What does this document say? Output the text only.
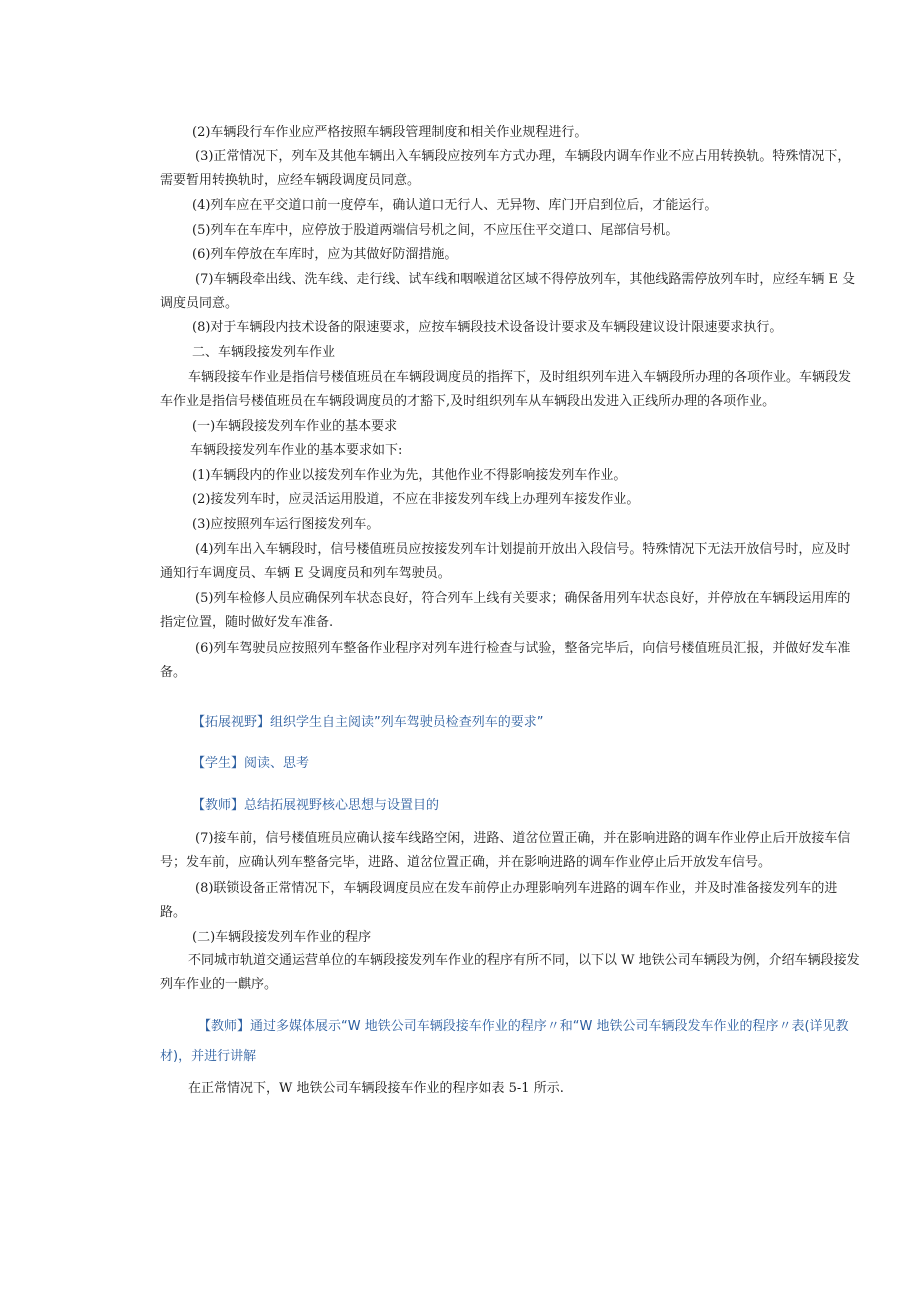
(2)车辆段行车作业应严格按照车辆段管理制度和相关作业规程进行。

(3)正常情况下，列车及其他车辆出入车辆段应按列车方式办理，车辆段内调车作业不应占用转换轨。特殊情况下，需要暂用转换轨时，应经车辆段调度员同意。

(4)列车应在平交道口前一度停车，确认道口无行人、无异物、库门开启到位后，才能运行。

(5)列车在车库中，应停放于股道两端信号机之间，不应压住平交道口、尾部信号机。

(6)列车停放在车库时，应为其做好防溜措施。

(7)车辆段牵出线、洗车线、走行线、试车线和咽喉道岔区域不得停放列车，其他线路需停放列车时，应经车辆 E 殳调度员同意。

(8)对于车辆段内技术设备的限速要求，应按车辆段技术设备设计要求及车辆段建议设计限速要求执行。

二、车辆段接发列车作业

车辆段接车作业是指信号楼值班员在车辆段调度员的指挥下，及时组织列车进入车辆段所办理的各项作业。车辆段发车作业是指信号楼值班员在车辆段调度员的才豁下,及时组织列车从车辆段出发进入正线所办理的各项作业。

(一)车辆段接发列车作业的基本要求

车辆段接发列车作业的基本要求如下:

(1)车辆段内的作业以接发列车作业为先，其他作业不得影响接发列车作业。

(2)接发列车时，应灵活运用股道，不应在非接发列车线上办理列车接发作业。

(3)应按照列车运行图接发列车。

(4)列车出入车辆段时，信号楼值班员应按接发列车计划提前开放出入段信号。特殊情况下无法开放信号时，应及时通知行车调度员、车辆 E 殳调度员和列车驾驶员。

(5)列车检修人员应确保列车状态良好，符合列车上线有关要求；确保备用列车状态良好，并停放在车辆段运用库的指定位置，随时做好发车准备.

(6)列车驾驶员应按照列车整备作业程序对列车进行检查与试验，整备完毕后，向信号楼值班员汇报，并做好发车准备。

【拓展视野】组织学生自主阅读”列车驾驶员检查列车的要求”

【学生】阅读、思考

【教师】总结拓展视野核心思想与设置目的

(7)接车前，信号楼值班员应确认接车线路空闲，进路、道岔位置正确，并在影响进路的调车作业停止后开放接车信号；发车前，应确认列车整备完毕，进路、道岔位置正确，并在影响进路的调车作业停止后开放发车信号。

(8)联锁设备正常情况下，车辆段调度员应在发车前停止办理影响列车进路的调车作业，并及时准备接发列车的进路。

(二)车辆段接发列车作业的程序

不同城市轨道交通运营单位的车辆段接发列车作业的程序有所不同，以下以 W 地铁公司车辆段为例，介绍车辆段接发列车作业的一麒序。

【教师】通过多媒体展示“W 地铁公司车辆段接车作业的程序〃和“W 地铁公司车辆段发车作业的程序〃表(详见教材)，并进行讲解

在正常情况下，W 地铁公司车辆段接车作业的程序如表 5-1 所示.
